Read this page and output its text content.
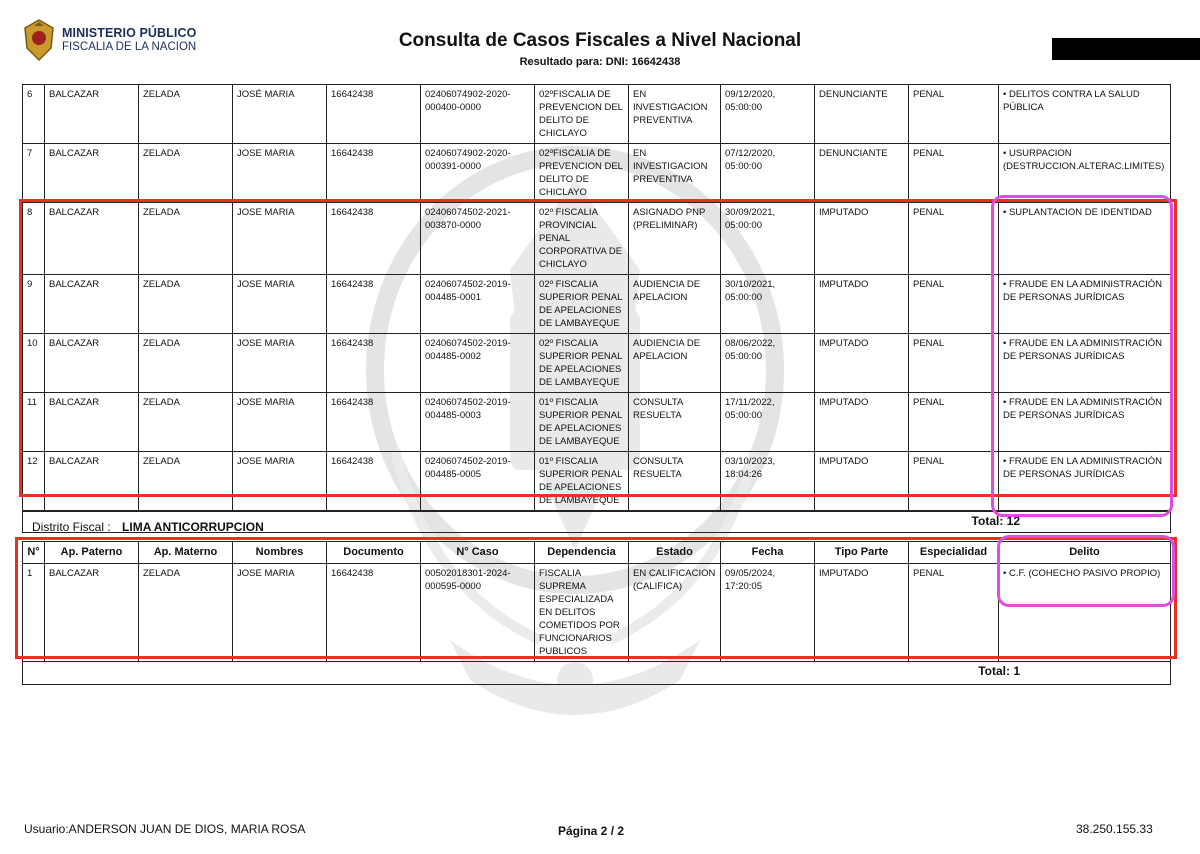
MINISTERIO PÚBLICO
FISCALIA DE LA NACION	Consulta de Casos Fiscales a Nivel Nacional
Resultado para: DNI: 16642438
6	BALCAZAR	ZELADA	JOSÉ MARIA	16642438	02406074902-2020-000400-0000	02ºFISCALIA DE PREVENCION DEL DELITO DE CHICLAYO	EN INVESTIGACION PREVENTIVA	09/12/2020, 05:00:00	DENUNCIANTE	PENAL	• DELITOS CONTRA LA SALUD PÚBLICA
7	BALCAZAR	ZELADA	JOSE MARIA	16642438	02406074902-2020-000391-0000	02ºFISCALIA DE PREVENCION DEL DELITO DE CHICLAYO	EN INVESTIGACION PREVENTIVA	07/12/2020, 05:00:00	DENUNCIANTE	PENAL	• USURPACION (DESTRUCCION.ALTERAC.LIMITES)
8	BALCAZAR	ZELADA	JOSE MARIA	16642438	02406074502-2021-003870-0000	02º FISCALIA PROVINCIAL PENAL CORPORATIVA DE CHICLAYO	ASIGNADO PNP (PRELIMINAR)	30/09/2021, 05:00:00	IMPUTADO	PENAL	• SUPLANTACION DE IDENTIDAD
9	BALCAZAR	ZELADA	JOSE MARIA	16642438	02406074502-2019-004485-0001	02º FISCALIA SUPERIOR PENAL DE APELACIONES DE LAMBAYEQUE	AUDIENCIA DE APELACION	30/10/2021, 05:00:00	IMPUTADO	PENAL	• FRAUDE EN LA ADMINISTRACIÓN DE PERSONAS JURÍDICAS
10	BALCAZAR	ZELADA	JOSE MARIA	16642438	02406074502-2019-004485-0002	02º FISCALIA SUPERIOR PENAL DE APELACIONES DE LAMBAYEQUE	AUDIENCIA DE APELACION	08/06/2022, 05:00:00	IMPUTADO	PENAL	• FRAUDE EN LA ADMINISTRACIÓN DE PERSONAS JURÍDICAS
11	BALCAZAR	ZELADA	JOSE MARIA	16642438	02406074502-2019-004485-0003	01º FISCALIA SUPERIOR PENAL DE APELACIONES DE LAMBAYEQUE	CONSULTA RESUELTA	17/11/2022, 05:00:00	IMPUTADO	PENAL	• FRAUDE EN LA ADMINISTRACIÓN DE PERSONAS JURÍDICAS
12	BALCAZAR	ZELADA	JOSE MARIA	16642438	02406074502-2019-004485-0005	01º FISCALIA SUPERIOR PENAL DE APELACIONES DE LAMBAYEQUE	CONSULTA RESUELTA	03/10/2023, 18:04:26	IMPUTADO	PENAL	• FRAUDE EN LA ADMINISTRACIÓN DE PERSONAS JURÍDICAS
Total: 12											
Distrito Fiscal : LIMA ANTICORRUPCION
N°	Ap. Paterno	Ap. Materno	Nombres	Documento	N° Caso	Dependencia	Estado	Fecha	Tipo Parte	Especialidad	Delito
1	BALCAZAR	ZELADA	JOSE MARIA	16642438	00502018301-2024-000595-0000	FISCALIA SUPREMA ESPECIALIZADA EN DELITOS COMETIDOS POR FUNCIONARIOS PUBLICOS	EN CALIFICACION (CALIFICA)	09/05/2024, 17:20:05	IMPUTADO	PENAL	• C.F. (COHECHO PASIVO PROPIO)
Total: 1											
Usuario:ANDERSON JUAN DE DIOS, MARIA ROSA	Página 2 / 2	38.250.155.33
